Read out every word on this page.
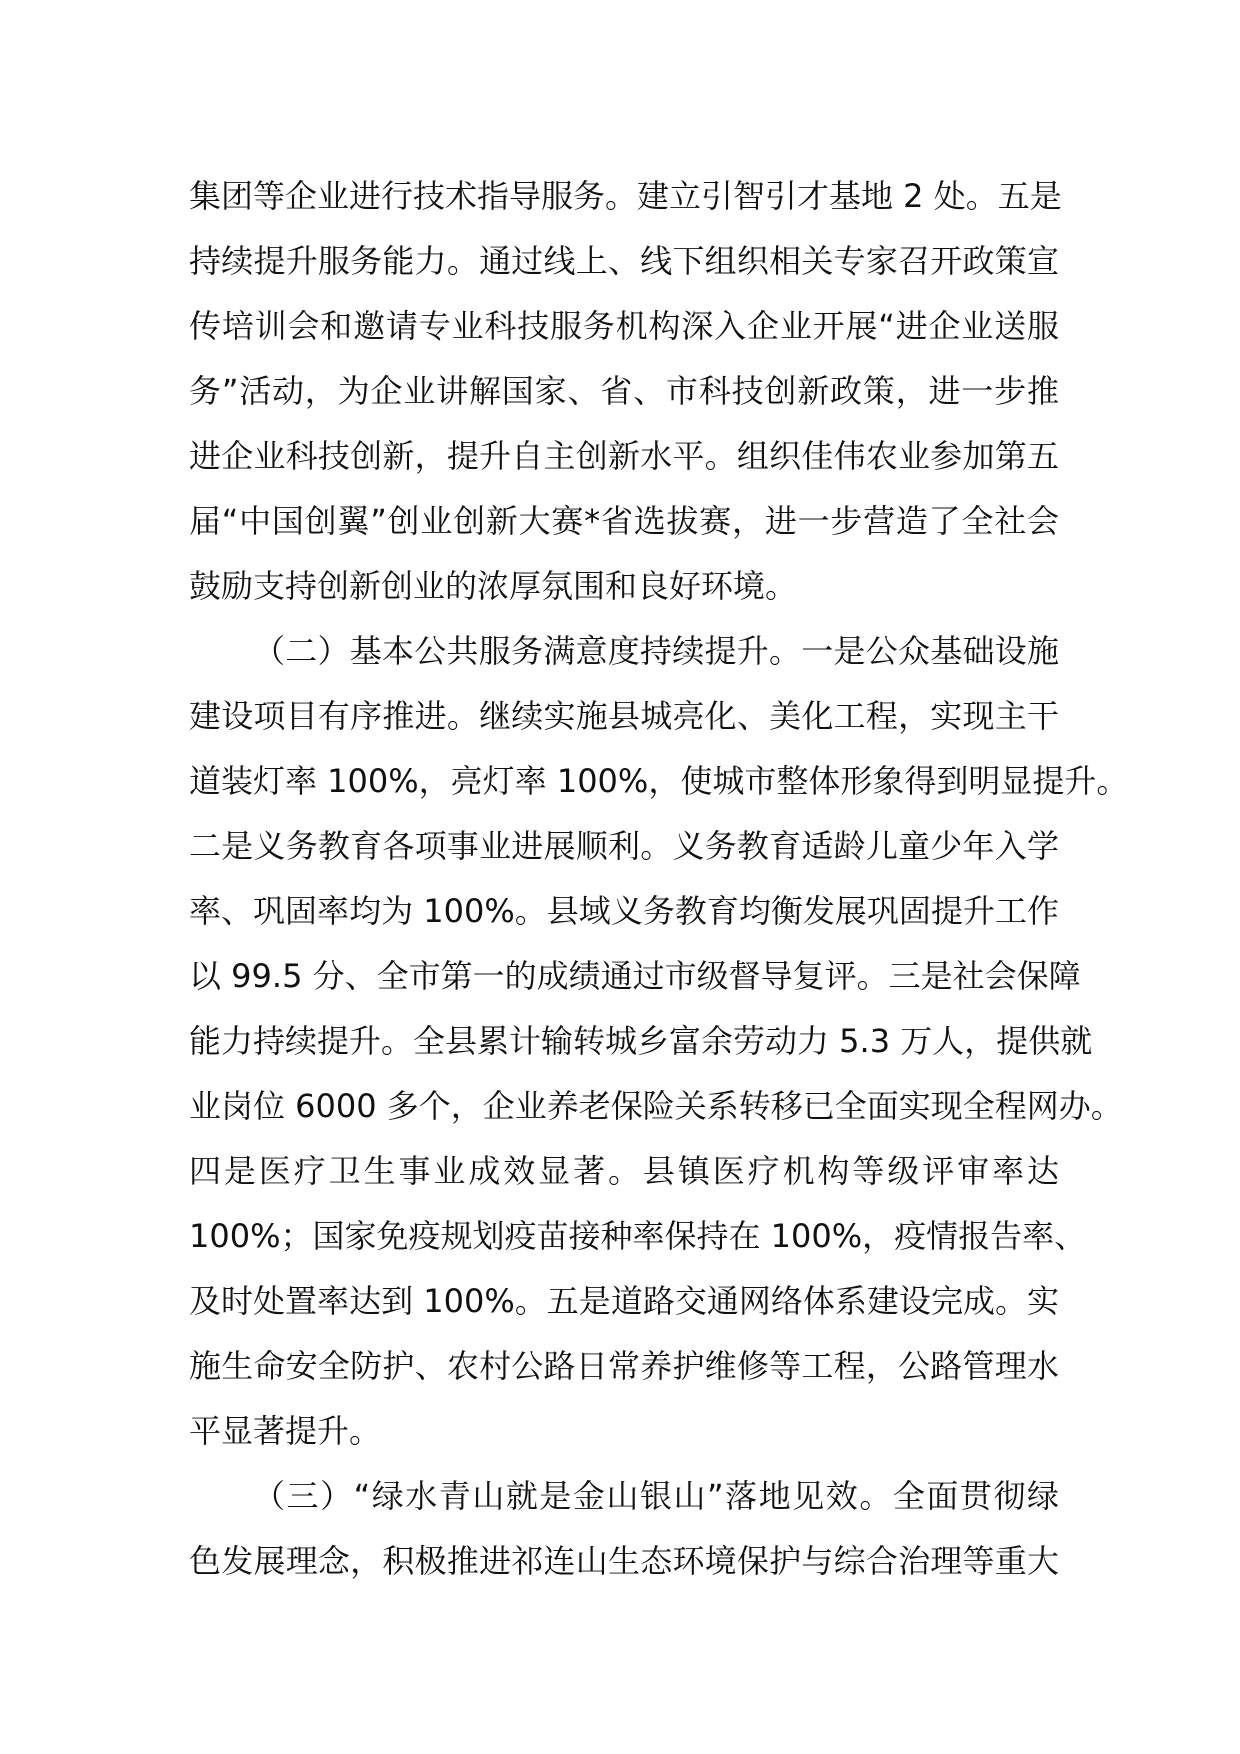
集团等企业进行技术指导服务。建立引智引才基地 2 处。五是
持续提升服务能力。通过线上、线下组织相关专家召开政策宣
传培训会和邀请专业科技服务机构深入企业开展“进企业送服
务”活动，为企业讲解国家、省、市科技创新政策，进一步推
进企业科技创新，提升自主创新水平。组织佳伟农业参加第五
届“中国创翼”创业创新大赛*省选拔赛，进一步营造了全社会
鼓励支持创新创业的浓厚氛围和良好环境。
（二）基本公共服务满意度持续提升。一是公众基础设施
建设项目有序推进。继续实施县城亮化、美化工程，实现主干
道装灯率 100%，亮灯率 100%，使城市整体形象得到明显提升。
二是义务教育各项事业进展顺利。义务教育适龄儿童少年入学
率、巩固率均为 100%。县域义务教育均衡发展巩固提升工作
以 99.5 分、全市第一的成绩通过市级督导复评。三是社会保障
能力持续提升。全县累计输转城乡富余劳动力 5.3 万人，提供就
业岗位 6000 多个，企业养老保险关系转移已全面实现全程网办。
四是医疗卫生事业成效显著。县镇医疗机构等级评审率达
100%；国家免疫规划疫苗接种率保持在 100%，疫情报告率、
及时处置率达到 100%。五是道路交通网络体系建设完成。实
施生命安全防护、农村公路日常养护维修等工程，公路管理水
平显著提升。
（三）“绿水青山就是金山银山”落地见效。全面贯彻绿
色发展理念，积极推进祁连山生态环境保护与综合治理等重大
